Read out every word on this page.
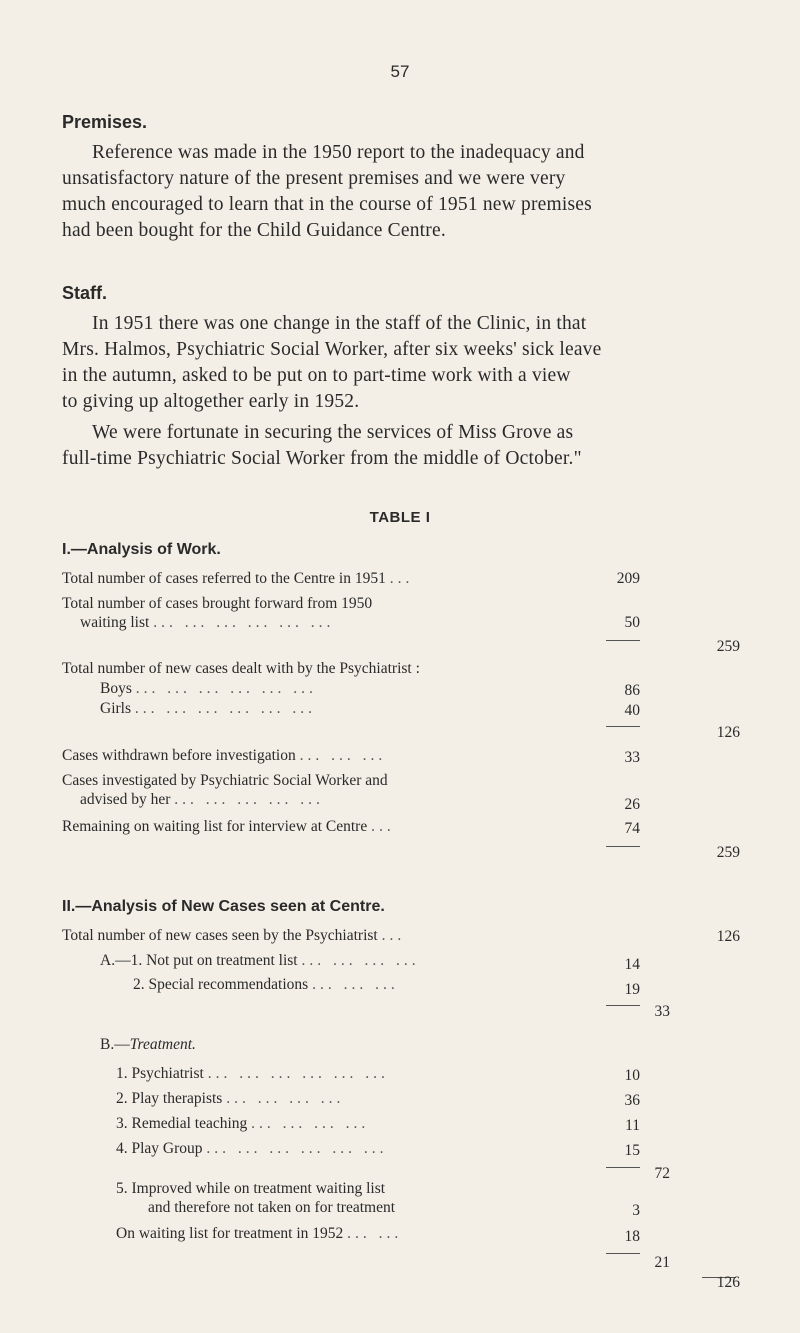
57
Premises.
Reference was made in the 1950 report to the inadequacy and
unsatisfactory nature of the present premises and we were very
much encouraged to learn that in the course of 1951 new premises
had been bought for the Child Guidance Centre.
Staff.
In 1951 there was one change in the staff of the Clinic, in that
Mrs. Halmos, Psychiatric Social Worker, after six weeks' sick leave
in the autumn, asked to be put on to part-time work with a view
to giving up altogether early in 1952.
We were fortunate in securing the services of Miss Grove as
full-time Psychiatric Social Worker from the middle of October."
TABLE I
I.—Analysis of Work.
Total number of cases referred to the Centre in 1951 ...	209
Total number of cases brought forward from 1950
waiting list ... ... ... ... ... ...	50
259
Total number of new cases dealt with by the Psychiatrist :
Boys ... ... ... ... ... ...	86
Girls ... ... ... ... ... ...	40
126
Cases withdrawn before investigation ... ... ...	33
Cases investigated by Psychiatric Social Worker and
advised by her ... ... ... ... ...	26
Remaining on waiting list for interview at Centre ...	74
259
II.—Analysis of New Cases seen at Centre.
Total number of new cases seen by the Psychiatrist ...	126
A.—1. Not put on treatment list ... ... ... ...	14
2. Special recommendations ... ... ...	19
33
B.—Treatment.
1. Psychiatrist ... ... ... ... ... ...	10
2. Play therapists ... ... ... ...	36
3. Remedial teaching ... ... ... ...	11
4. Play Group ... ... ... ... ... ...	15
72
5. Improved while on treatment waiting list
and therefore not taken on for treatment	3
On waiting list for treatment in 1952 ... ...	18
21
126
